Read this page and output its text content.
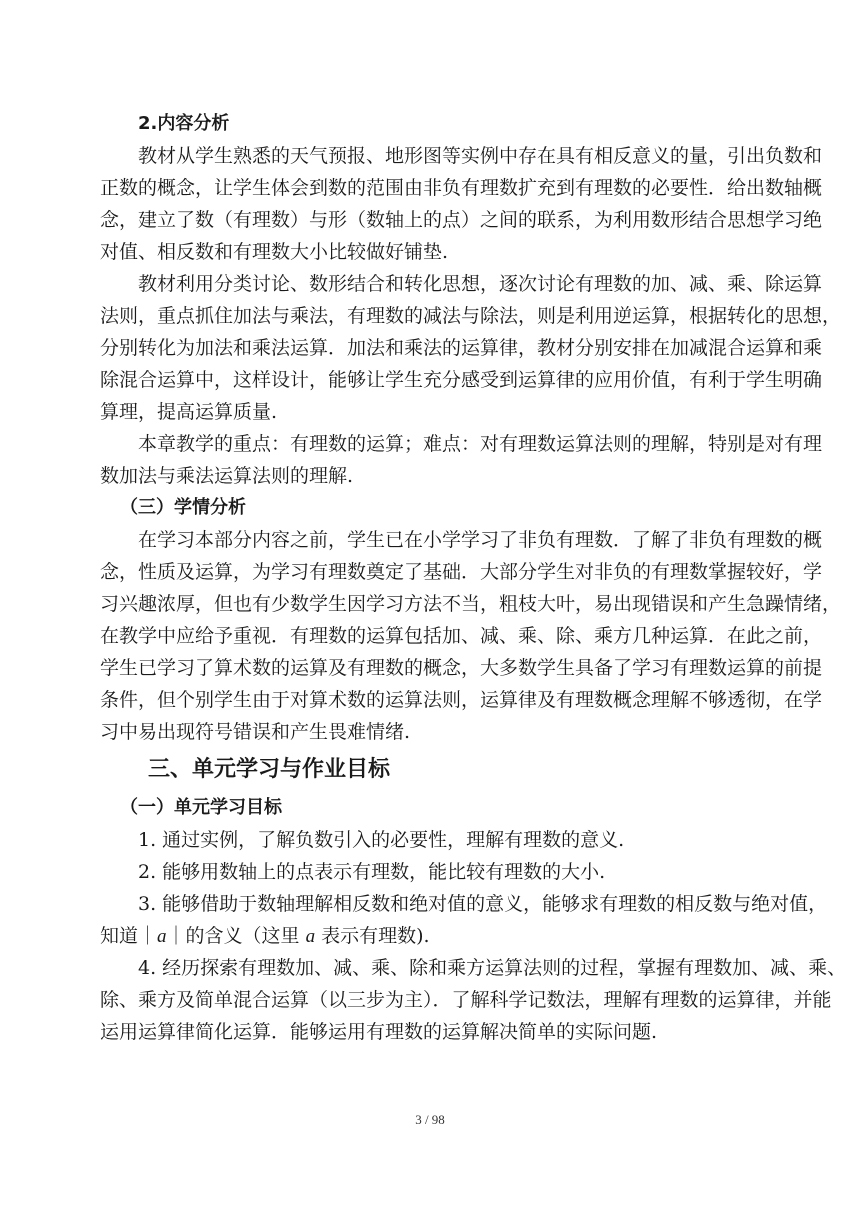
2.内容分析

教材从学生熟悉的天气预报、地形图等实例中存在具有相反意义的量，引出负数和

正数的概念，让学生体会到数的范围由非负有理数扩充到有理数的必要性．给出数轴概

念，建立了数（有理数）与形（数轴上的点）之间的联系，为利用数形结合思想学习绝

对值、相反数和有理数大小比较做好铺垫.

教材利用分类讨论、数形结合和转化思想，逐次讨论有理数的加、减、乘、除运算

法则，重点抓住加法与乘法，有理数的减法与除法，则是利用逆运算，根据转化的思想，

分别转化为加法和乘法运算．加法和乘法的运算律，教材分别安排在加减混合运算和乘

除混合运算中，这样设计，能够让学生充分感受到运算律的应用价值，有利于学生明确

算理，提高运算质量.

本章教学的重点：有理数的运算；难点：对有理数运算法则的理解，特别是对有理

数加法与乘法运算法则的理解.

（三）学情分析

在学习本部分内容之前，学生已在小学学习了非负有理数．了解了非负有理数的概

念，性质及运算，为学习有理数奠定了基础．大部分学生对非负的有理数掌握较好，学

习兴趣浓厚，但也有少数学生因学习方法不当，粗枝大叶，易出现错误和产生急躁情绪，

在教学中应给予重视．有理数的运算包括加、减、乘、除、乘方几种运算．在此之前，

学生已学习了算术数的运算及有理数的概念，大多数学生具备了学习有理数运算的前提

条件，但个别学生由于对算术数的运算法则，运算律及有理数概念理解不够透彻，在学

习中易出现符号错误和产生畏难情绪.

三、单元学习与作业目标

（一）单元学习目标

1. 通过实例，了解负数引入的必要性，理解有理数的意义.

2. 能够用数轴上的点表示有理数，能比较有理数的大小.

3. 能够借助于数轴理解相反数和绝对值的意义，能够求有理数的相反数与绝对值，

知道｜a｜的含义（这里 a 表示有理数).

4. 经历探索有理数加、减、乘、除和乘方运算法则的过程，掌握有理数加、减、乘、

除、乘方及简单混合运算（以三步为主）．了解科学记数法，理解有理数的运算律，并能

运用运算律简化运算．能够运用有理数的运算解决简单的实际问题.

3 / 98
